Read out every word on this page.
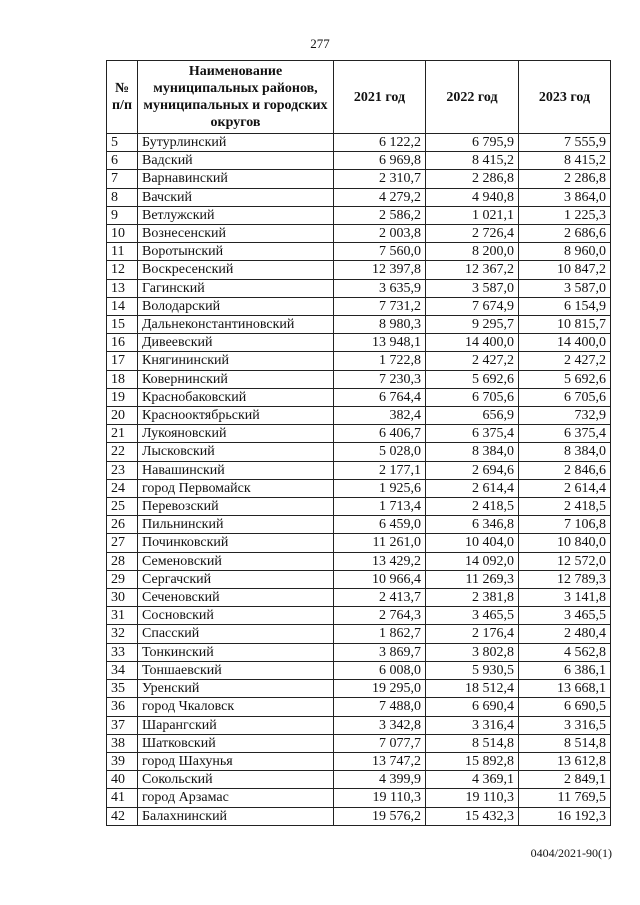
277
№ п/п	Наименование муниципальных районов, муниципальных и городских округов	2021 год	2022 год	2023 год
5	Бутурлинский	6 122,2	6 795,9	7 555,9
6	Вадский	6 969,8	8 415,2	8 415,2
7	Варнавинский	2 310,7	2 286,8	2 286,8
8	Вачский	4 279,2	4 940,8	3 864,0
9	Ветлужский	2 586,2	1 021,1	1 225,3
10	Вознесенский	2 003,8	2 726,4	2 686,6
11	Воротынский	7 560,0	8 200,0	8 960,0
12	Воскресенский	12 397,8	12 367,2	10 847,2
13	Гагинский	3 635,9	3 587,0	3 587,0
14	Володарский	7 731,2	7 674,9	6 154,9
15	Дальнеконстантиновский	8 980,3	9 295,7	10 815,7
16	Дивеевский	13 948,1	14 400,0	14 400,0
17	Княгининский	1 722,8	2 427,2	2 427,2
18	Ковернинский	7 230,3	5 692,6	5 692,6
19	Краснобаковский	6 764,4	6 705,6	6 705,6
20	Краснооктябрьский	382,4	656,9	732,9
21	Лукояновский	6 406,7	6 375,4	6 375,4
22	Лысковский	5 028,0	8 384,0	8 384,0
23	Навашинский	2 177,1	2 694,6	2 846,6
24	город Первомайск	1 925,6	2 614,4	2 614,4
25	Перевозский	1 713,4	2 418,5	2 418,5
26	Пильнинский	6 459,0	6 346,8	7 106,8
27	Починковский	11 261,0	10 404,0	10 840,0
28	Семеновский	13 429,2	14 092,0	12 572,0
29	Сергачский	10 966,4	11 269,3	12 789,3
30	Сеченовский	2 413,7	2 381,8	3 141,8
31	Сосновский	2 764,3	3 465,5	3 465,5
32	Спасский	1 862,7	2 176,4	2 480,4
33	Тонкинский	3 869,7	3 802,8	4 562,8
34	Тоншаевский	6 008,0	5 930,5	6 386,1
35	Уренский	19 295,0	18 512,4	13 668,1
36	город Чкаловск	7 488,0	6 690,4	6 690,5
37	Шарангский	3 342,8	3 316,4	3 316,5
38	Шатковский	7 077,7	8 514,8	8 514,8
39	город Шахунья	13 747,2	15 892,8	13 612,8
40	Сокольский	4 399,9	4 369,1	2 849,1
41	город Арзамас	19 110,3	19 110,3	11 769,5
42	Балахнинский	19 576,2	15 432,3	16 192,3
0404/2021-90(1)
